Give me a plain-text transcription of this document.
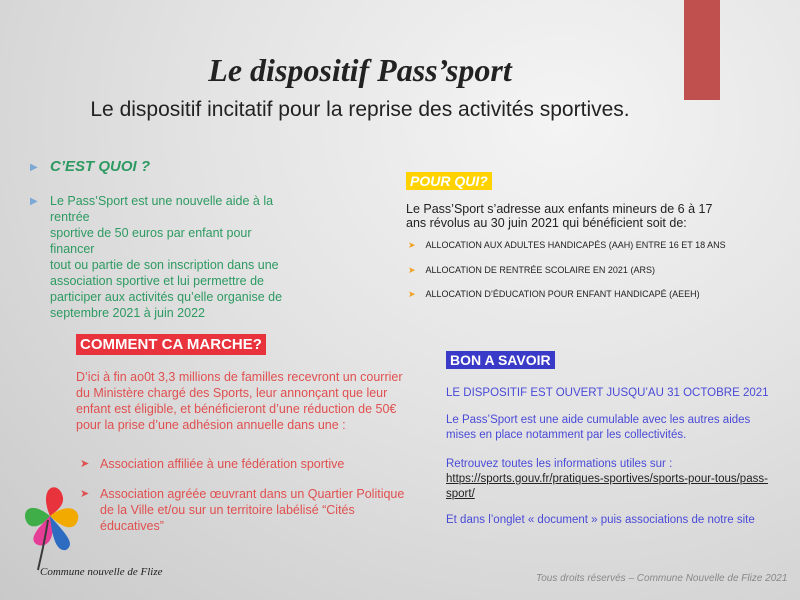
Le dispositif Pass’sport
Le dispositif incitatif pour la reprise des activités sportives.
▶ C’EST QUOI ?
▶ Le Pass’Sport est une nouvelle aide à la rentrée
sportive de 50 euros par enfant pour financer
tout ou partie de son inscription dans une
association sportive et lui permettre de
participer aux activités qu’elle organise de
septembre 2021 à juin 2022
POUR QUI?
Le Pass’Sport s’adresse aux enfants mineurs de 6 à 17
ans révolus au 30 juin 2021 qui bénéficient soit de:
➤ ALLOCATION AUX ADULTES HANDICAPÉS (AAH) ENTRE 16 ET 18 ANS
➤ ALLOCATION DE RENTRÉE SCOLAIRE EN 2021 (ARS)
➤ ALLOCATION D’ÉDUCATION POUR ENFANT HANDICAPÉ (AEEH)
COMMENT CA MARCHE?
D’ici à fin ao0t 3,3 millions de familles recevront un courrier
du Ministère chargé des Sports, leur annonçant que leur
enfant est éligible, et bénéficieront d’une réduction de 50€
pour la prise d’une adhésion annuelle dans une :
➤ Association affiliée à une fédération sportive
➤ Association agréée œuvrant dans un Quartier Politique
de la Ville et/ou sur un territoire labélisé “Cités
éducatives”
BON A SAVOIR
LE DISPOSITIF EST OUVERT JUSQU’AU 31 OCTOBRE 2021
Le Pass’Sport est une aide cumulable avec les autres aides
mises en place notamment par les collectivités.
Retrouvez toutes les informations utiles sur :
https://sports.gouv.fr/pratiques-sportives/sports-pour-tous/pass-
sport/
Et dans l’onglet « document » puis associations de notre site
Commune nouvelle de Flize
Tous droits réservés – Commune Nouvelle de Flize 2021
